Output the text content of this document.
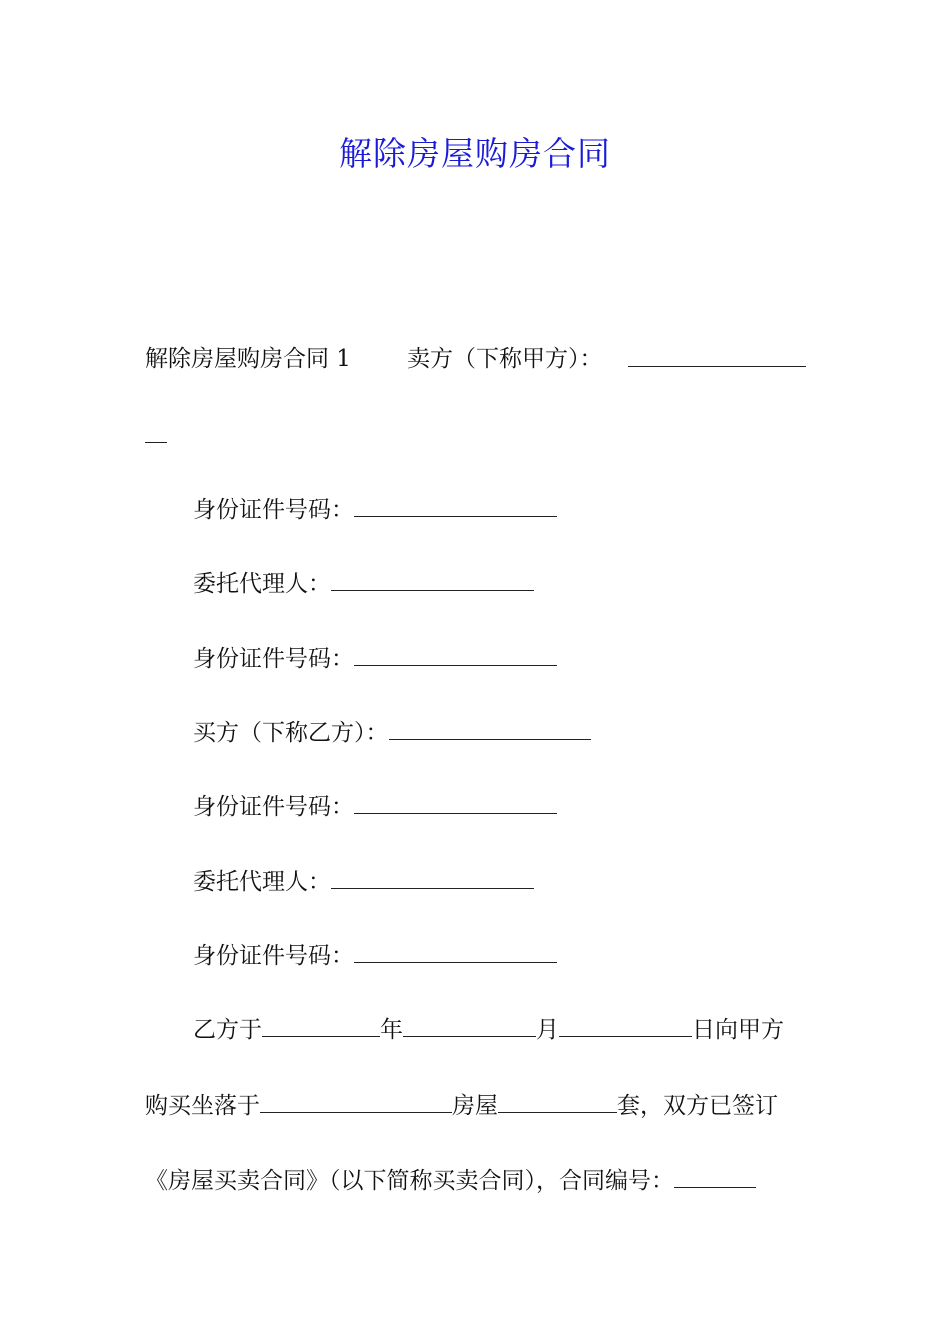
解除房屋购房合同
解除房屋购房合同 1 卖方（下称甲方）：
身份证件号码：
委托代理人：
身份证件号码：
买方（下称乙方）：
身份证件号码：
委托代理人：
身份证件号码：
乙方于	年	月	日向甲方
购买坐落于	房屋	套，双方已签订
《房屋买卖合同》（以下简称买卖合同），合同编号：
